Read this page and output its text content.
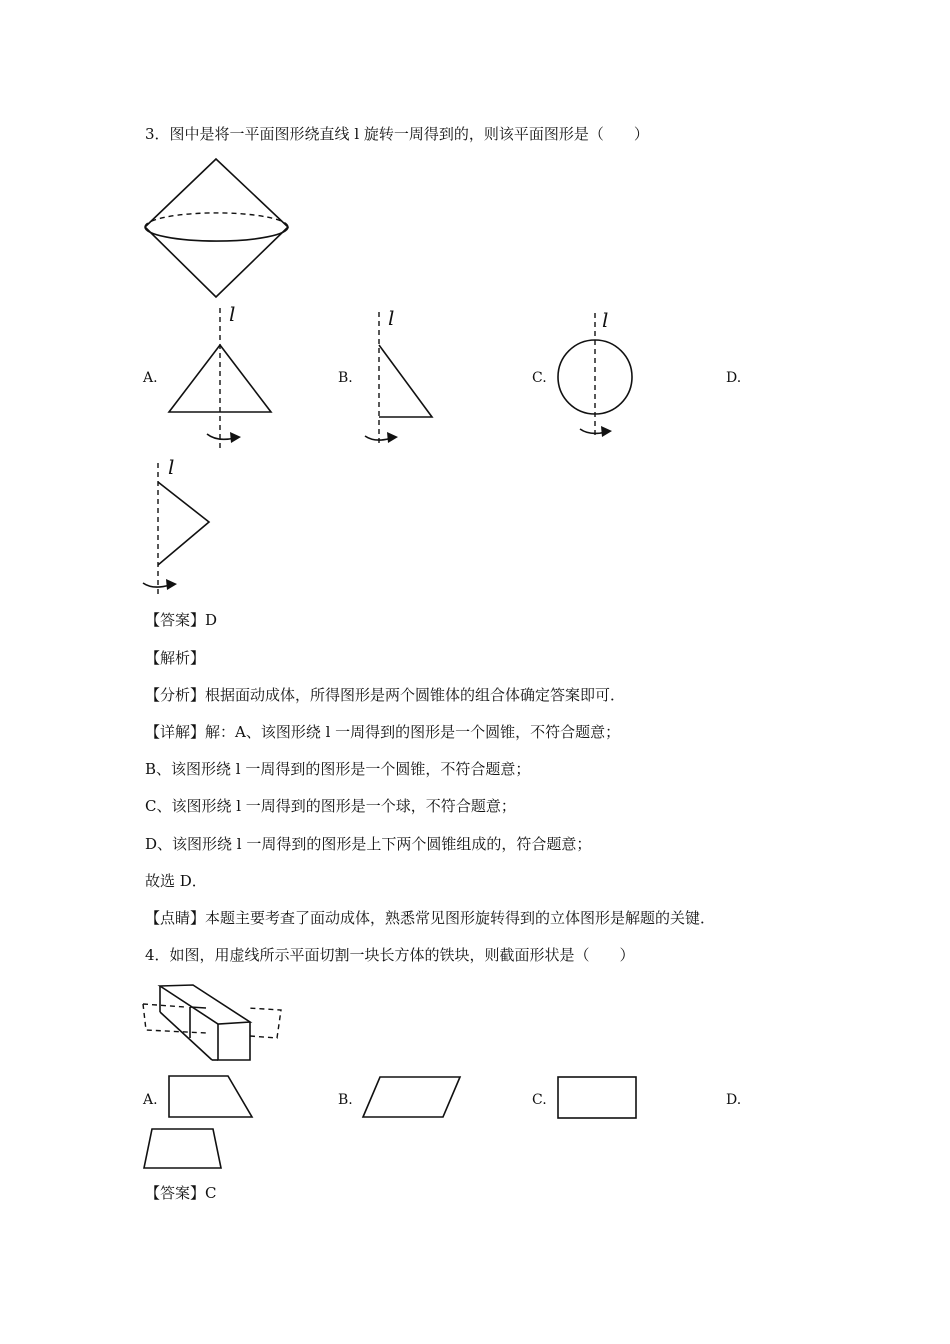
3．图中是将一平面图形绕直线 l 旋转一周得到的，则该平面图形是（　　）
A.
l
B.
l
C.
l
D.
l
【答案】D
【解析】
【分析】根据面动成体，所得图形是两个圆锥体的组合体确定答案即可．
【详解】解：A、该图形绕 l 一周得到的图形是一个圆锥，不符合题意；
B、该图形绕 l 一周得到的图形是一个圆锥，不符合题意；
C、该图形绕 l 一周得到的图形是一个球，不符合题意；
D、该图形绕 l 一周得到的图形是上下两个圆锥组成的，符合题意；
故选 D．
【点睛】本题主要考查了面动成体，熟悉常见图形旋转得到的立体图形是解题的关键．
4．如图，用虚线所示平面切割一块长方体的铁块，则截面形状是（　　）
A.	B.	C.	D.
【答案】C
